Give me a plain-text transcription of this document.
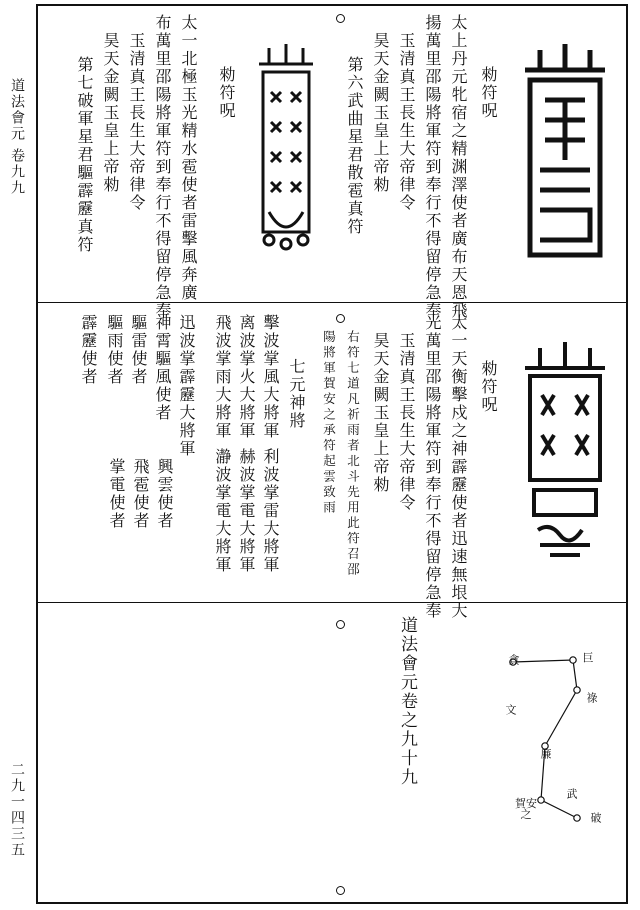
道法會元
卷九九
二九一四三五
勑符呪
太上丹元牝宿之精渊澤使者廣布天恩飛
揚萬里邵陽將軍符到奉行不得留停急奉
玉清真王長生大帝律令
昊天金闕玉皇上帝勑
第六武曲星君散雹真符
勑符呪
太一北極玉光精水雹使者雷擊風奔廣
布萬里邵陽將軍符到奉行不得留停急奉
玉清真王長生大帝律令
昊天金闕玉皇上帝勑
第七破軍星君驅霹靂真符
勑符呪
太一天衡擊戍之神霹靂使者迅速無垠大
光萬里邵陽將軍符到奉行不得留停急奉
玉清真王長生大帝律令
昊天金闕玉皇上帝勑
右符七道凡祈雨者北斗先用此符召邵
陽將軍賀安之承符起雲致雨
七元神將
利波掌雷大將軍
赫波掌電大將軍
瀞波掌電大將軍
擊波掌風大將軍
离波掌火大將軍
飛波掌雨大將軍
迅波掌霹靂大將軍
興雲使者
飛雹使者
掌電使者
神霄驅風使者
驅雷使者
驅雨使者
霹靂使者
道法會元卷之九十九	貪	巨
祿
文
廉
武
破
賀安之
